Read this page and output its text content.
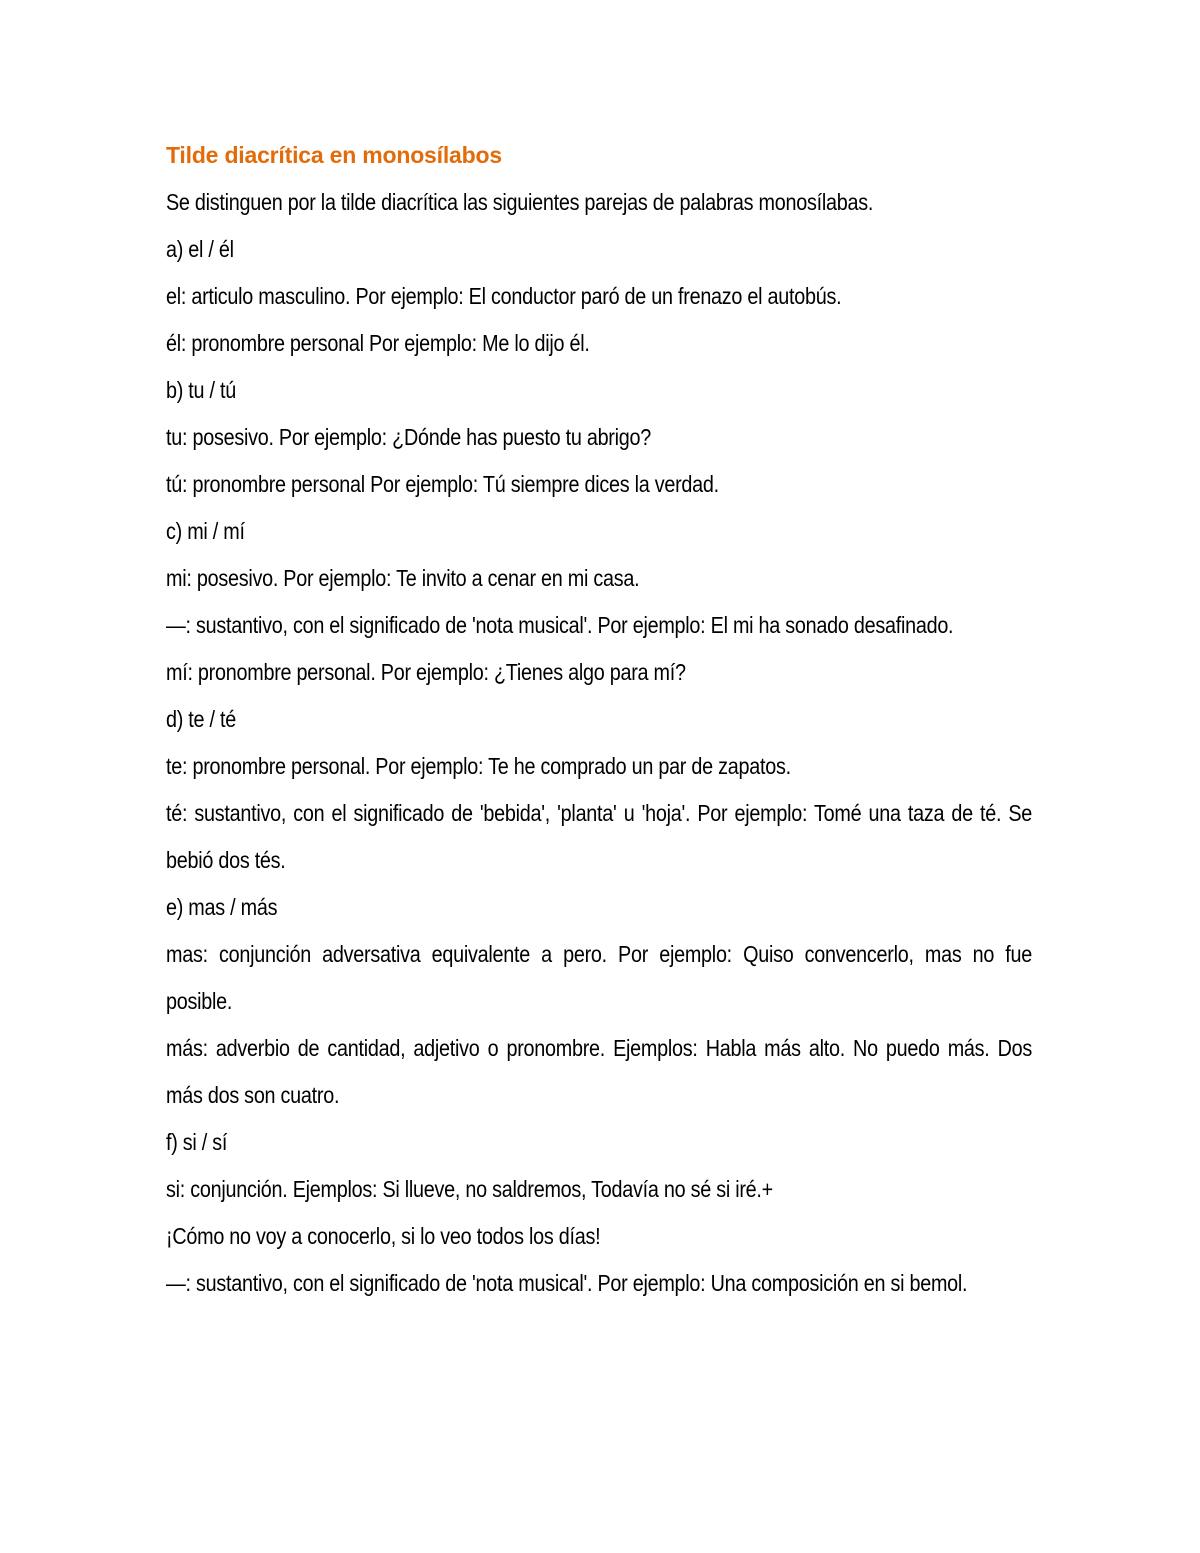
Tilde diacrítica en monosílabos

Se distinguen por la tilde diacrítica las siguientes parejas de palabras monosílabas.

a) el / él

el: articulo masculino. Por ejemplo: El conductor paró de un frenazo el autobús.

él: pronombre personal Por ejemplo: Me lo dijo él.

b) tu / tú

tu: posesivo. Por ejemplo: ¿Dónde has puesto tu abrigo?

tú: pronombre personal Por ejemplo: Tú siempre dices la verdad.

c) mi / mí

mi: posesivo. Por ejemplo: Te invito a cenar en mi casa.

—: sustantivo, con el significado de 'nota musical'. Por ejemplo: El mi ha sonado desafinado.

mí: pronombre personal. Por ejemplo: ¿Tienes algo para mí?

d) te / té

te: pronombre personal. Por ejemplo: Te he comprado un par de zapatos.

té: sustantivo, con el significado de 'bebida', 'planta' u 'hoja'. Por ejemplo: Tomé una taza de té. Se bebió dos tés.

e) mas / más

mas: conjunción adversativa equivalente a pero. Por ejemplo: Quiso convencerlo, mas no fue posible.

más: adverbio de cantidad, adjetivo o pronombre. Ejemplos: Habla más alto. No puedo más. Dos más dos son cuatro.

f) si / sí

si: conjunción. Ejemplos: Si llueve, no saldremos, Todavía no sé si iré.+

¡Cómo no voy a conocerlo, si lo veo todos los días!

—: sustantivo, con el significado de 'nota musical'. Por ejemplo: Una composición en si bemol.
